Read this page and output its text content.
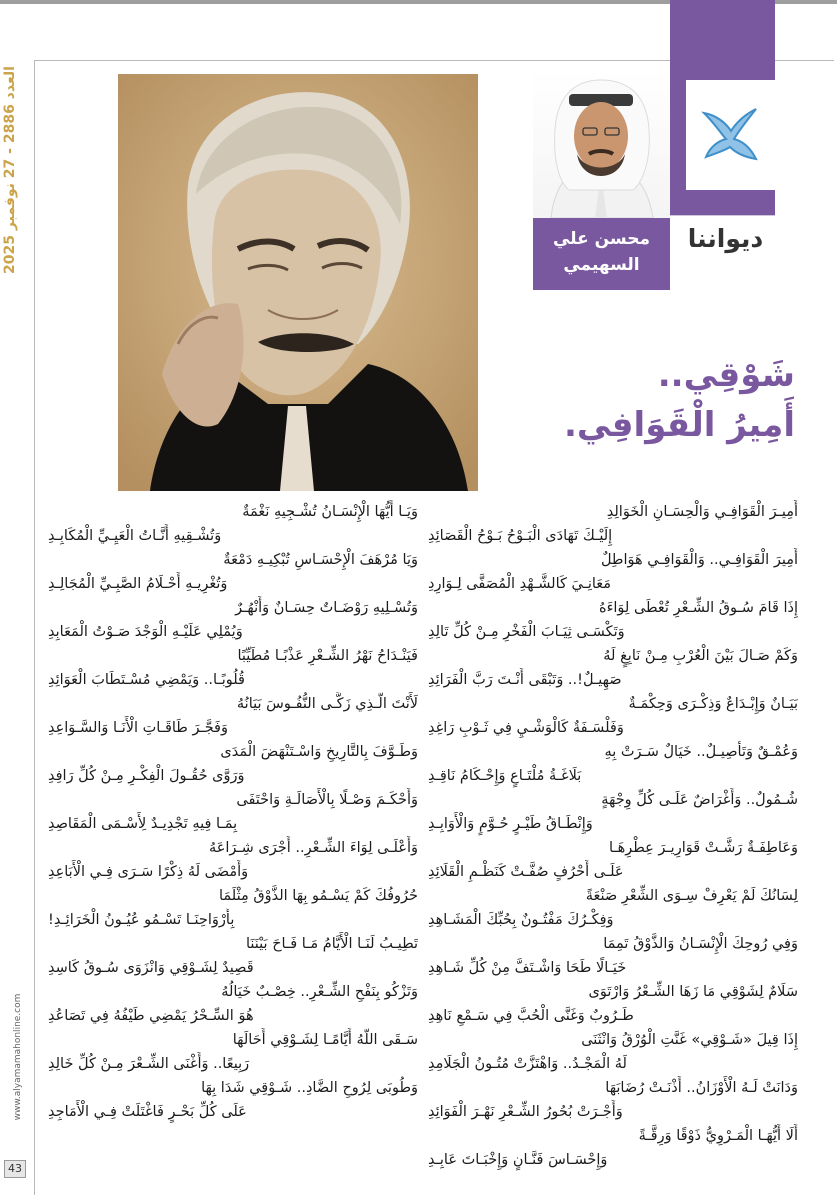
العدد 2886 - 27 نوفمبر 2025
www.alyamamahonline.com
43
ديواننا
محسن علي
السهيمي
شَوْقِي..
أَمِيرُ الْقَوَافِي.
أَمِيـرَ الْقَوَافِـي وَالْحِسَـانِ الْخَوَالِدِ
إِلَيْـكَ تَهَادَى الْبَـوْحُ بَـوْحُ الْقَصَائِدِ
أَمِيرَ الْقَوَافِـي.. وَالْقَوَافِـي هَوَاطِلٌ
مَعَانِـيَ كَالشَّـهْدِ الْمُصَفَّى لِـوَارِدِ
إِذَا قَامَ سُـوقُ الشِّـعْرِ تُعْطَى لِوَاءَهُ
وَتَكْسَـى ثِيَـابَ الْفَخْرِ مِـنْ كُلِّ تَالِدِ
وَكَمْ صَـالَ بَيْنَ الْعُرْبِ مِـنْ نَابِغٍ لَهُ
صَهِيـلٌ!.. وَتَبْقَى أَنْـتَ رَبَّ الْفَرَائِدِ
بَيَـانٌ وَإِبْـدَاعٌ وَذِكْـرَى وَحِكْمَـةٌ
وَفَلْسَـفَةٌ كَالْوَشْـيِ فِي ثَـوْبِ رَاغِدِ
وَعُمْـقٌ وَتَأْصِيـلٌ.. خَيَالٌ سَـرَتْ بِهِ
بَلَاغَـةُ مُلْتَـاعٍ وَإِحْـكَامُ نَاقِـدِ
شُـمُولٌ.. وَأَغْرَاضٌ عَلَـى كُلِّ وِجْهَةٍ
وَإِنْطَـاقُ طَيْـرٍ حُـوَّمٍ وَالْأَوَابِـدِ
وَعَاطِفَـةٌ رَشَّـتْ قَوَارِيـرَ عِطْرِهَـا
عَلَـى أَحْرُفٍ صُفَّـتْ كَنَظْـمِ الْقَلَائِدِ
لِسَانُكَ لَمْ يَعْرِفْ سِـوَى الشِّعْرِ صَنْعَةً
وَفِكْـرُكَ مَفْتُـونٌ بِحُبِّكَ الْمَشَـاهِدِ
وَفِي رُوحِكَ الْإِنْسَـانُ وَالذَّوْقُ تَمِمَا
خَيَـالًا طَحَا وَاشْـتَفَّ مِنْ كُلِّ شَـاهِدِ
سَلَامٌ لِشَوْقِي مَا زَهَا الشِّـعْرُ وَارْتَوَى
طَـرُوبٌ وَغَنَّى الْحُبَّ فِي سَـمْعِ نَاهِدِ
إِذَا قِيلَ «شَـوْقِي» غَنَّتِ الْوُرْقُ وَانْثَنَى
لَهُ الْمَجْـدُ.. وَاهْتَزَّتْ مُتُـونُ الْجَلَامِدِ
وَدَانَتْ لَـهُ الْأَوْزَانُ.. أَذْنَـتْ رُضَابَهَا
وَأَجْـرَتْ بُحُورُ الشِّـعْرِ نَهْـرَ الْفَوَائِدِ
أَلَا أَيُّهَـا الْمَـرْوِيُّ ذَوْقًا وَرِقَّـةً
وَإِحْسَـاسَ فَنَّـانٍ وَإِخْبَـاتَ عَابِـدِ
وَيَـا أَيُّهَا الْإِنْسَـانُ تُشْـجِيهِ نَغْمَةٌ
وَتُشْـقِيهِ أَنَّـاتُ الْعَيِـيِّ الْمُكَابِـدِ
وَيَا مُرْهَفَ الْإِحْسَـاسِ تُبْكِيـهِ دَمْعَةٌ
وَتُغْرِيـهِ أَحْـلَامُ الصَّبِـيِّ الْمُجَالِـدِ
وَتُسْـلِيهِ رَوْضَـاتٌ حِسَـانٌ وَأَنْهُـرٌ
وَيُمْلِي عَلَيْـهِ الْوَجْدَ صَـوْتُ الْمَعَابِدِ
فَيَنْـدَاحُ نَهْرُ الشِّـعْرِ عَذْبًـا مُطَيِّبًا
قُلُوبًـا.. وَيَمْضِي مُسْـتَطَابَ الْعَوَائِدِ
لَأَنْتَ الَّـذِي زَكَّـى النُّفُـوسَ بَيَانُهُ
وَفَجَّـرَ طَاقَـاتِ الْأَنَـا وَالسَّـوَاعِدِ
وَطَـوَّفَ بِالتَّارِيخِ وَاسْـتَنْهَضَ الْمَدَى
وَرَوَّى حُقُـولَ الْفِكْـرِ مِـنْ كُلِّ رَافِدِ
وَأَحْكَـمَ وَصْـلًا بِالْأَصَالَـةِ وَاحْتَفَى
بِمَـا فِيهِ تَجْدِيـدٌ لِأَسْـمَى الْمَقَاصِدِ
وَأَعْلَـى لِوَاءَ الشِّـعْرِ.. أَجْرَى شِـرَاعَهُ
وَأَمْضَى لَهُ ذِكْرًا سَـرَى فِـي الْأَبَاعِدِ
حُرُوفُكَ كَمْ يَسْـمُو بِهَا الذَّوْقُ مِثْلَمَا
بِأَرْوَاحِنَـا تَسْـمُو عُيُـونُ الْخَرَائِـدِ!
تَطِيـبُ لَنَـا الْأَيَّامُ مَـا فَـاحَ بَيْنَنَا
قَصِيدٌ لِشَـوْقِي وَانْزَوَى سُـوقُ كَاسِدِ
وَتَزْكُو بِنَفْحِ الشِّـعْرِ.. خِصْـبٌ خَيَالُهُ
هُوَ السِّـحْرُ يَمْضِي طَيْفُهُ فِي تَصَاعُدِ
سَـقَى اللَّهُ أَيَّامًـا لِشَـوْقِي أَحَالَهَا
رَبِيعًا.. وَأَغْنَى الشِّـعْرَ مِـنْ كُلِّ خَالِدِ
وَطُوبَى لِرُوحِ الضَّادِ.. شَـوْقِي شَدَا بِهَا
عَلَى كُلِّ بَحْـرٍ فَاغْتَلَتْ فِـي الْأَمَاجِدِ
